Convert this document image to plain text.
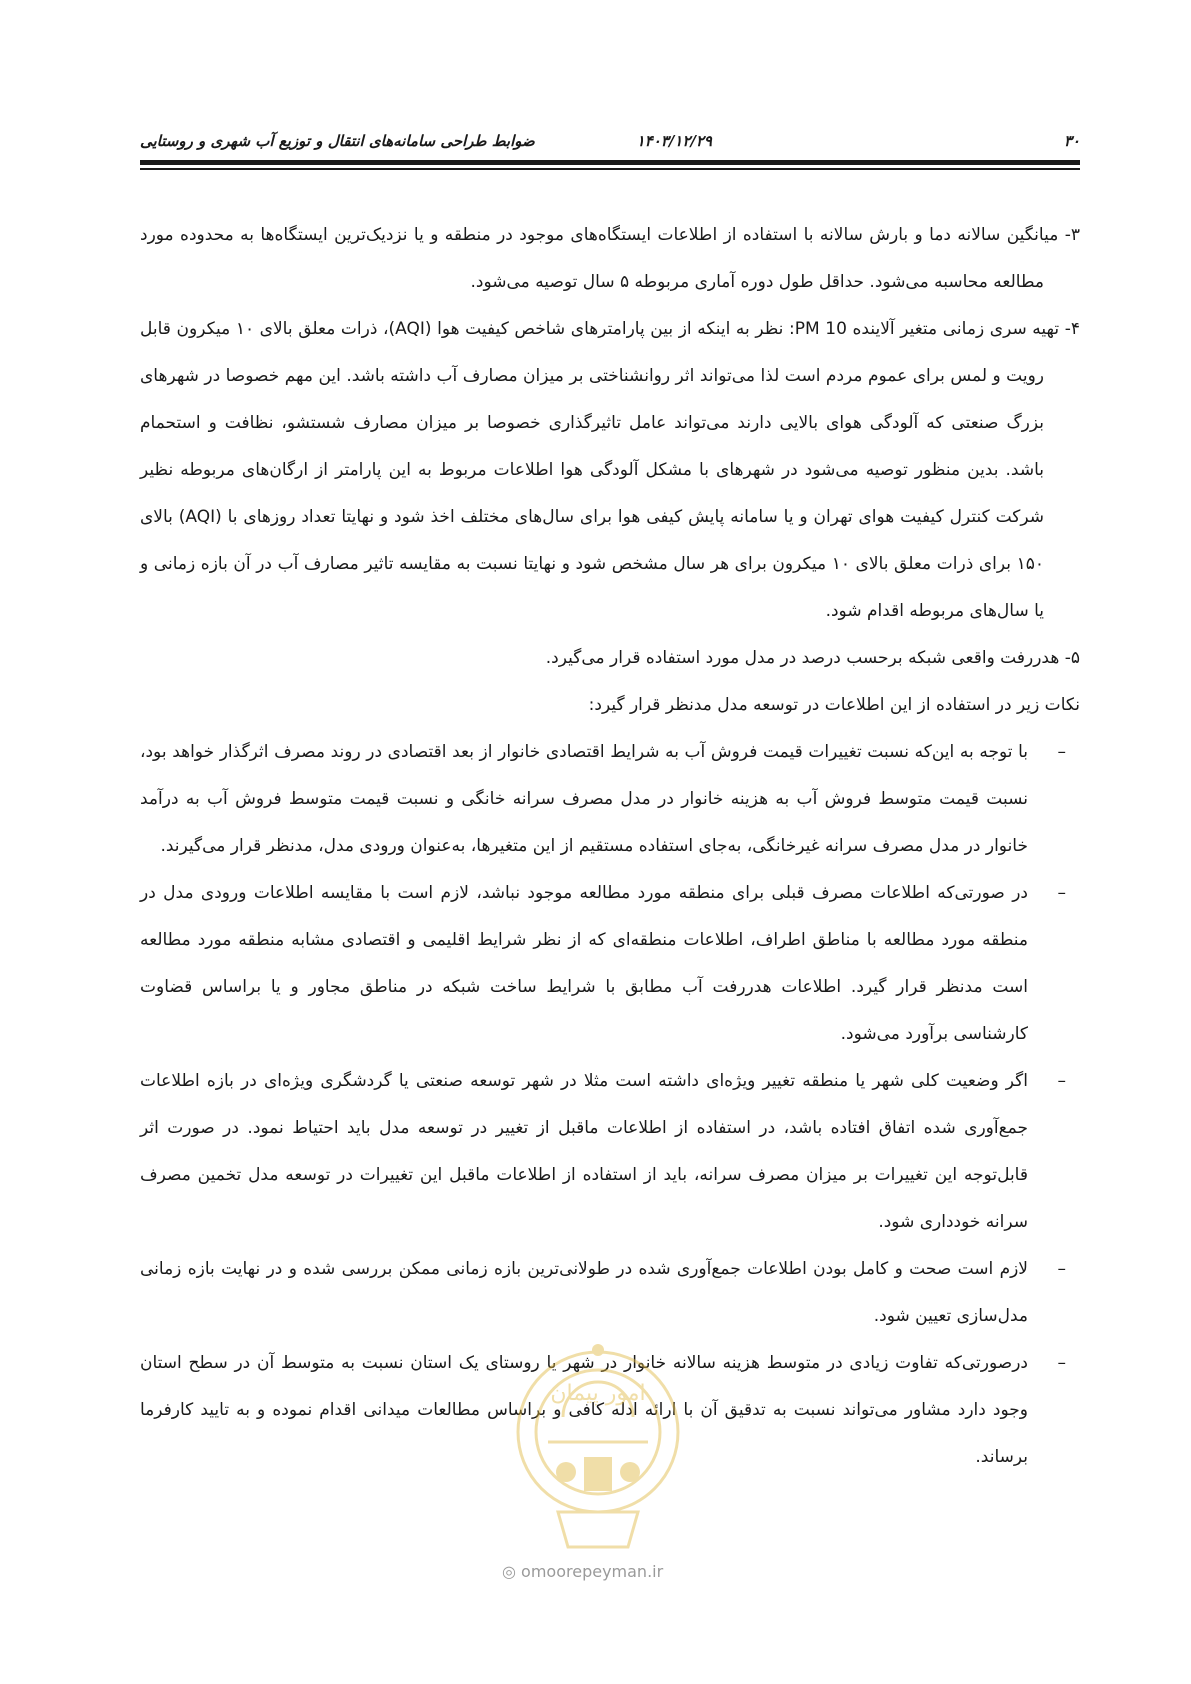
۳۰
۱۴۰۳/۱۲/۲۹
ضوابط طراحی سامانه‌های انتقال و توزیع آب شهری و روستایی

۳- میانگین سالانه دما و بارش سالانه با استفاده از اطلاعات ایستگاه‌های موجود در منطقه و یا نزدیک‌ترین ایستگاه‌ها به محدوده مورد مطالعه محاسبه می‌شود. حداقل طول دوره آماری مربوطه ۵ سال توصیه می‌شود.

۴- تهیه سری زمانی متغیر آلاینده PM 10: نظر به اینکه از بین پارامترهای شاخص کیفیت هوا (AQI)، ذرات معلق بالای ۱۰ میکرون قابل رویت و لمس برای عموم مردم است لذا می‌تواند اثر روانشناختی بر میزان مصارف آب داشته باشد. این مهم خصوصا در شهرهای بزرگ صنعتی که آلودگی هوای بالایی دارند می‌تواند عامل تاثیرگذاری خصوصا بر میزان مصارف شستشو، نظافت و استحمام باشد. بدین منظور توصیه می‌شود در شهرهای با مشکل آلودگی هوا اطلاعات مربوط به این پارامتر از ارگان‌های مربوطه نظیر شرکت کنترل کیفیت هوای تهران و یا سامانه پایش کیفی هوا برای سال‌های مختلف اخذ شود و نهایتا تعداد روزهای با (AQI) بالای ۱۵۰ برای ذرات معلق بالای ۱۰ میکرون برای هر سال مشخص شود و نهایتا نسبت به مقایسه تاثیر مصارف آب در آن بازه زمانی و یا سال‌های مربوطه اقدام شود.

۵- هدررفت واقعی شبکه برحسب درصد در مدل مورد استفاده قرار می‌گیرد.

نکات زیر در استفاده از این اطلاعات در توسعه مدل مدنظر قرار گیرد:

–
با توجه به این‌که نسبت تغییرات قیمت فروش آب به شرایط اقتصادی خانوار از بعد اقتصادی در روند مصرف اثرگذار خواهد بود، نسبت قیمت متوسط فروش آب به هزینه خانوار در مدل مصرف سرانه خانگی و نسبت قیمت متوسط فروش آب به درآمد خانوار در مدل مصرف سرانه غیرخانگی، به‌جای استفاده مستقیم از این متغیرها، به‌عنوان ورودی مدل، مدنظر قرار می‌گیرند.
–
در صورتی‌که اطلاعات مصرف قبلی برای منطقه مورد مطالعه موجود نباشد، لازم است با مقایسه اطلاعات ورودی مدل در منطقه مورد مطالعه با مناطق اطراف، اطلاعات منطقه‌ای که از نظر شرایط اقلیمی و اقتصادی مشابه منطقه مورد مطالعه است مدنظر قرار گیرد. اطلاعات هدررفت آب مطابق با شرایط ساخت شبکه در مناطق مجاور و یا براساس قضاوت کارشناسی برآورد می‌شود.
–
اگر وضعیت کلی شهر یا منطقه تغییر ویژه‌ای داشته است مثلا در شهر توسعه صنعتی یا گردشگری ویژه‌ای در بازه اطلاعات جمع‌آوری شده اتفاق افتاده باشد، در استفاده از اطلاعات ماقبل از تغییر در توسعه مدل باید احتیاط نمود. در صورت اثر قابل‌توجه این تغییرات بر میزان مصرف سرانه، باید از استفاده از اطلاعات ماقبل این تغییرات در توسعه مدل تخمین مصرف سرانه خودداری شود.
–
لازم است صحت و کامل بودن اطلاعات جمع‌آوری شده در طولانی‌ترین بازه زمانی ممکن بررسی شده و در نهایت بازه زمانی مدل‌سازی تعیین شود.
–
درصورتی‌که تفاوت زیادی در متوسط هزینه سالانه خانوار در شهر یا روستای یک استان نسبت به متوسط آن در سطح استان وجود دارد مشاور می‌تواند نسبت به تدقیق آن با ارائه ادله کافی و براساس مطالعات میدانی اقدام نموده و به تایید کارفرما برساند.
امور پیمان
◎ omoorepeyman.ir
